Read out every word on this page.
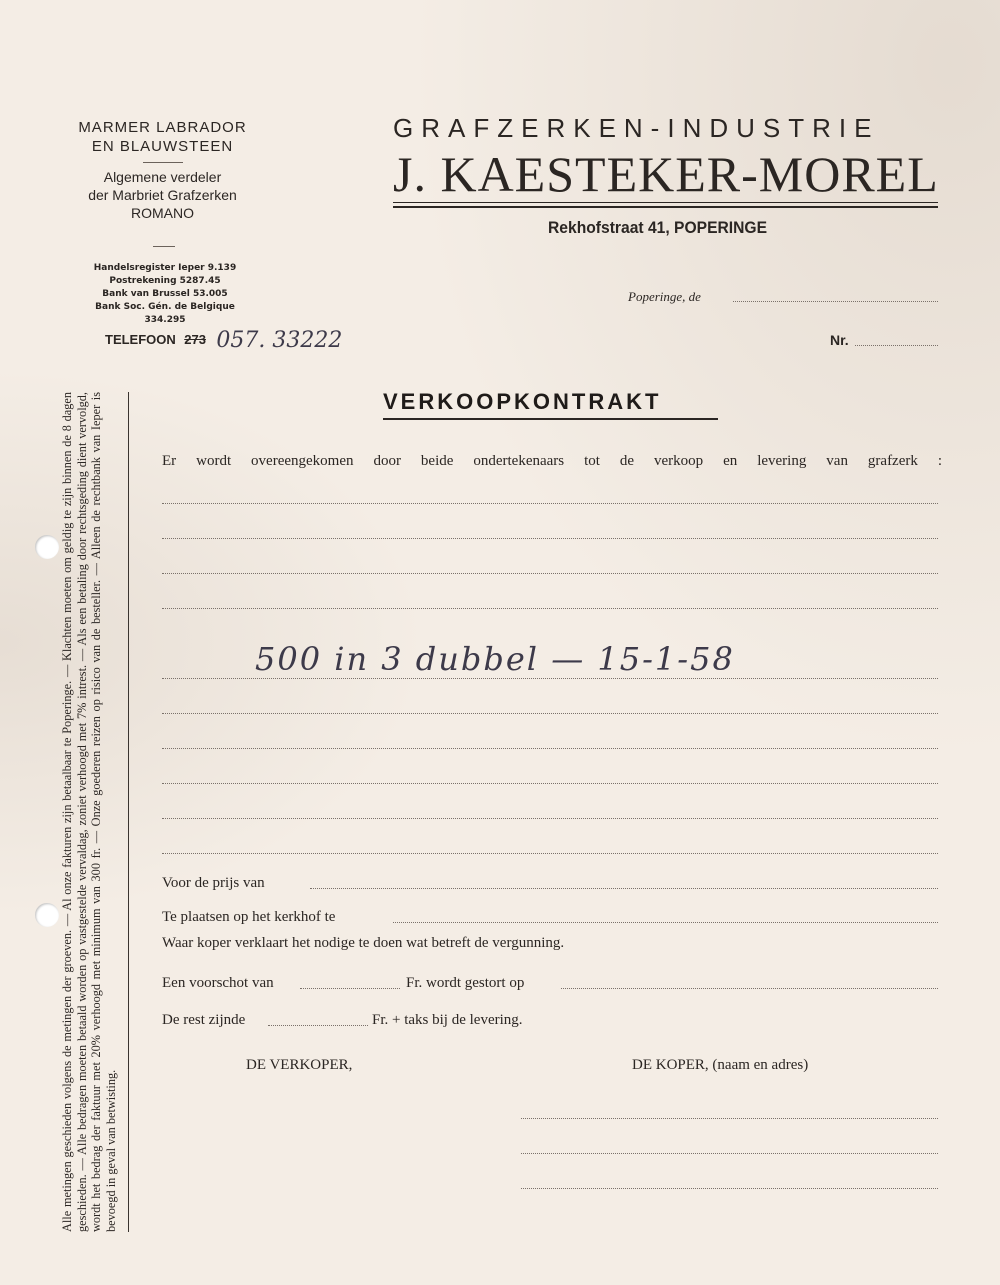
MARMER LABRADOR
EN BLAUWSTEEN
Algemene verdeler
der Marbriet Grafzerken
ROMANO
Handelsregister Ieper 9.139
Postrekening 5287.45
Bank van Brussel 53.005
Bank Soc. Gén. de Belgique 334.295
TELEFOON 273 057. 33222
GRAFZERKEN-INDUSTRIE
J. KAESTEKER-MOREL
Rekhofstraat 41, POPERINGE
Poperinge, de
Nr.
VERKOOPKONTRAKT
Er wordt overeengekomen door beide ondertekenaars tot de verkoop en levering van grafzerk :
500 in 3 dubbel — 15-1-58
Voor de prijs van
Te plaatsen op het kerkhof te
Waar koper verklaart het nodige te doen wat betreft de vergunning.
Een voorschot van	Fr. wordt gestort op
De rest zijnde	Fr. + taks bij de levering.
DE VERKOPER,	DE KOPER, (naam en adres)
Alle metingen geschieden volgens de metingen der groeven. — Al onze fakturen zijn betaalbaar te Poperinge. — Klachten moeten om geldig te zijn binnen de 8 dagen geschieden. — Alle bedragen moeten betaald worden op vastgestelde vervaldag, zoniet verhoogd met 7% intrest. — Als een betaling door rechtsgeding dient vervolgd, wordt het bedrag der faktuur met 20% verhoogd met minimum van 300 fr. — Onze goederen reizen op risico van de besteller. — Alleen de rechtbank van Ieper is bevoegd in geval van betwisting.
